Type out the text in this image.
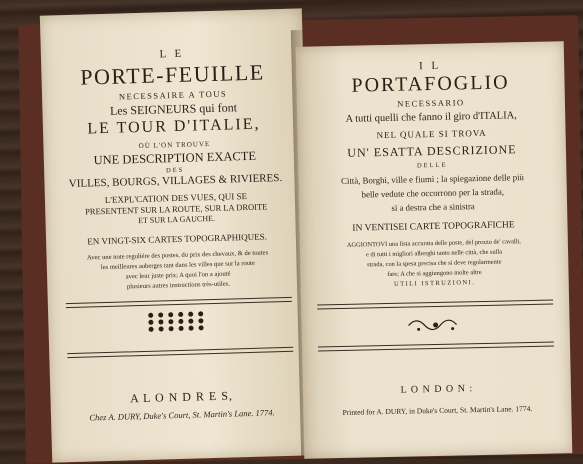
L E
PORTE-FEUILLE
NECESSAIRE A TOUS
Les SEIGNEURS qui font
LE TOUR D'ITALIE,
OÙ L'ON TROUVE
UNE DESCRIPTION EXACTE
DES
VILLES, BOURGS, VILLAGES & RIVIERES.
L'EXPL'CATION DES VUES, QUI SE
PRESENTENT SUR LA ROUTE, SUR LA DROITE
ET SUR LA GAUCHE.
EN VINGT-SIX CARTES TOPOGRAPHIQUES.
Avec une note reguliére des postes, du prix des chevaux, & de toutes
les meilleures auberges tant dans les villes que sur la route
avec leur juste prix; A quoi l'on a ajouté
plusieurs autres instructions très-utiles.
A L O N D R E S,
Chez A. DURY, Duke's Court, St. Martin's Lane. 1774.
I L
PORTAFOGLIO
NECESSARIO
A tutti quelli che fanno il giro d'ITALIA,
NEL QUALE SI TROVA
UN' ESATTA DESCRIZIONE
DELLE
Città, Borghi, ville e fiumi ; la spiegazione delle più
belle vedute che occorrono per la strada,
si a destra che a sinistra
IN VENTISEI CARTE TOPOGRAFICHE
AGGIONTOVI una lista accurata delle poste, del prezzo de' cavalli,
e di tutti i migliori alberghi tanto nelle città, che sulla
strada, con la spesa precisa che si deve regolarmente
fare; A che si aggiungono molte altre
UTILI ISTRUZIONI.
L O N D O N :
Printed for A. DURY, in Duke's Court, St. Martin's Lane. 1774.
